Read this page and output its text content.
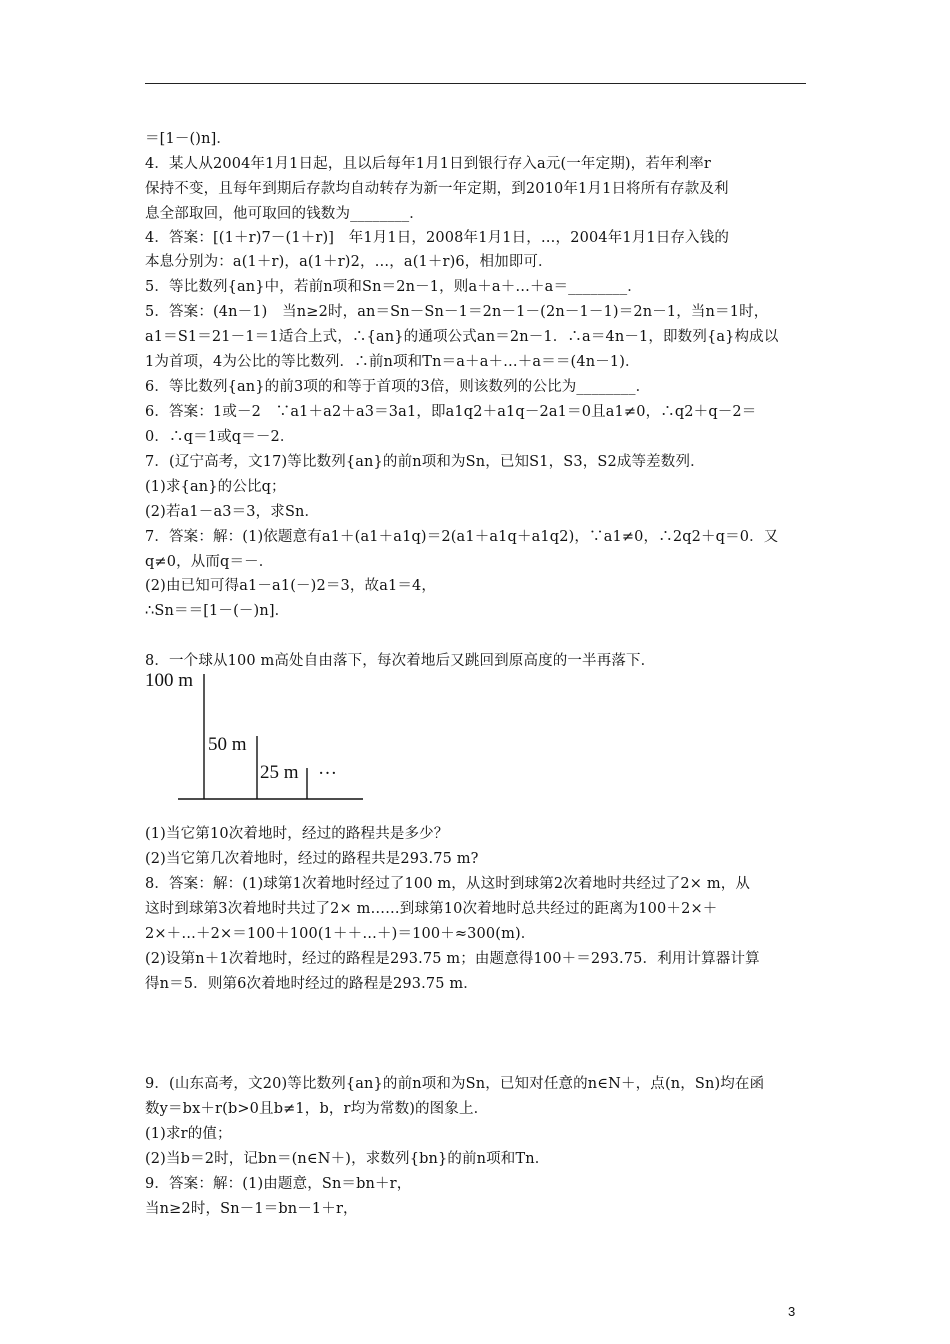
＝[1－()n]．
4．某人从2004年1月1日起，且以后每年1月1日到银行存入a元(一年定期)，若年利率r
保持不变，且每年到期后存款均自动转存为新一年定期，到2010年1月1日将所有存款及利
息全部取回，他可取回的钱数为________．
4．答案：[(1＋r)7－(1＋r)]　年1月1日，2008年1月1日，…，2004年1月1日存入钱的
本息分别为：a(1＋r)，a(1＋r)2，…，a(1＋r)6，相加即可．
5．等比数列{an}中，若前n项和Sn＝2n－1，则a＋a＋…＋a＝________．
5．答案：(4n－1)　当n≥2时，an＝Sn－Sn－1＝2n－1－(2n－1－1)＝2n－1，当n＝1时，
a1＝S1＝21－1＝1适合上式，∴{an}的通项公式an＝2n－1．∴a＝4n－1，即数列{a}构成以
1为首项，4为公比的等比数列．∴前n项和Tn＝a＋a＋…＋a＝＝(4n－1)．
6．等比数列{an}的前3项的和等于首项的3倍，则该数列的公比为________．
6．答案：1或－2　∵a1＋a2＋a3＝3a1，即a1q2＋a1q－2a1＝0且a1≠0，∴q2＋q－2＝
0．∴q＝1或q＝－2．
7．(辽宁高考，文17)等比数列{an}的前n项和为Sn，已知S1，S3，S2成等差数列．
(1)求{an}的公比q；
(2)若a1－a3＝3，求Sn．
7．答案：解：(1)依题意有a1＋(a1＋a1q)＝2(a1＋a1q＋a1q2)，∵a1≠0，∴2q2＋q＝0．又
q≠0，从而q＝－．
(2)由已知可得a1－a1(－)2＝3，故a1＝4，
∴Sn＝＝[1－(－)n]．
8．一个球从100 m高处自由落下，每次着地后又跳回到原高度的一半再落下．
100 m
50 m
25 m …
(1)当它第10次着地时，经过的路程共是多少？
(2)当它第几次着地时，经过的路程共是293.75 m?
8．答案：解：(1)球第1次着地时经过了100 m，从这时到球第2次着地时共经过了2× m，从
这时到球第3次着地时共过了2× m……到球第10次着地时总共经过的距离为100＋2×＋
2×＋…＋2×＝100＋100(1＋＋…＋)＝100＋≈300(m)．
(2)设第n＋1次着地时，经过的路程是293.75 m；由题意得100＋＝293.75．利用计算器计算
得n＝5．则第6次着地时经过的路程是293.75 m．
9．(山东高考，文20)等比数列{an}的前n项和为Sn，已知对任意的n∈N＋，点(n，Sn)均在函
数y＝bx＋r(b>0且b≠1，b，r均为常数)的图象上．
(1)求r的值；
(2)当b＝2时，记bn＝(n∈N＋)，求数列{bn}的前n项和Tn．
9．答案：解：(1)由题意，Sn＝bn＋r，
当n≥2时，Sn－1＝bn－1＋r，
3
